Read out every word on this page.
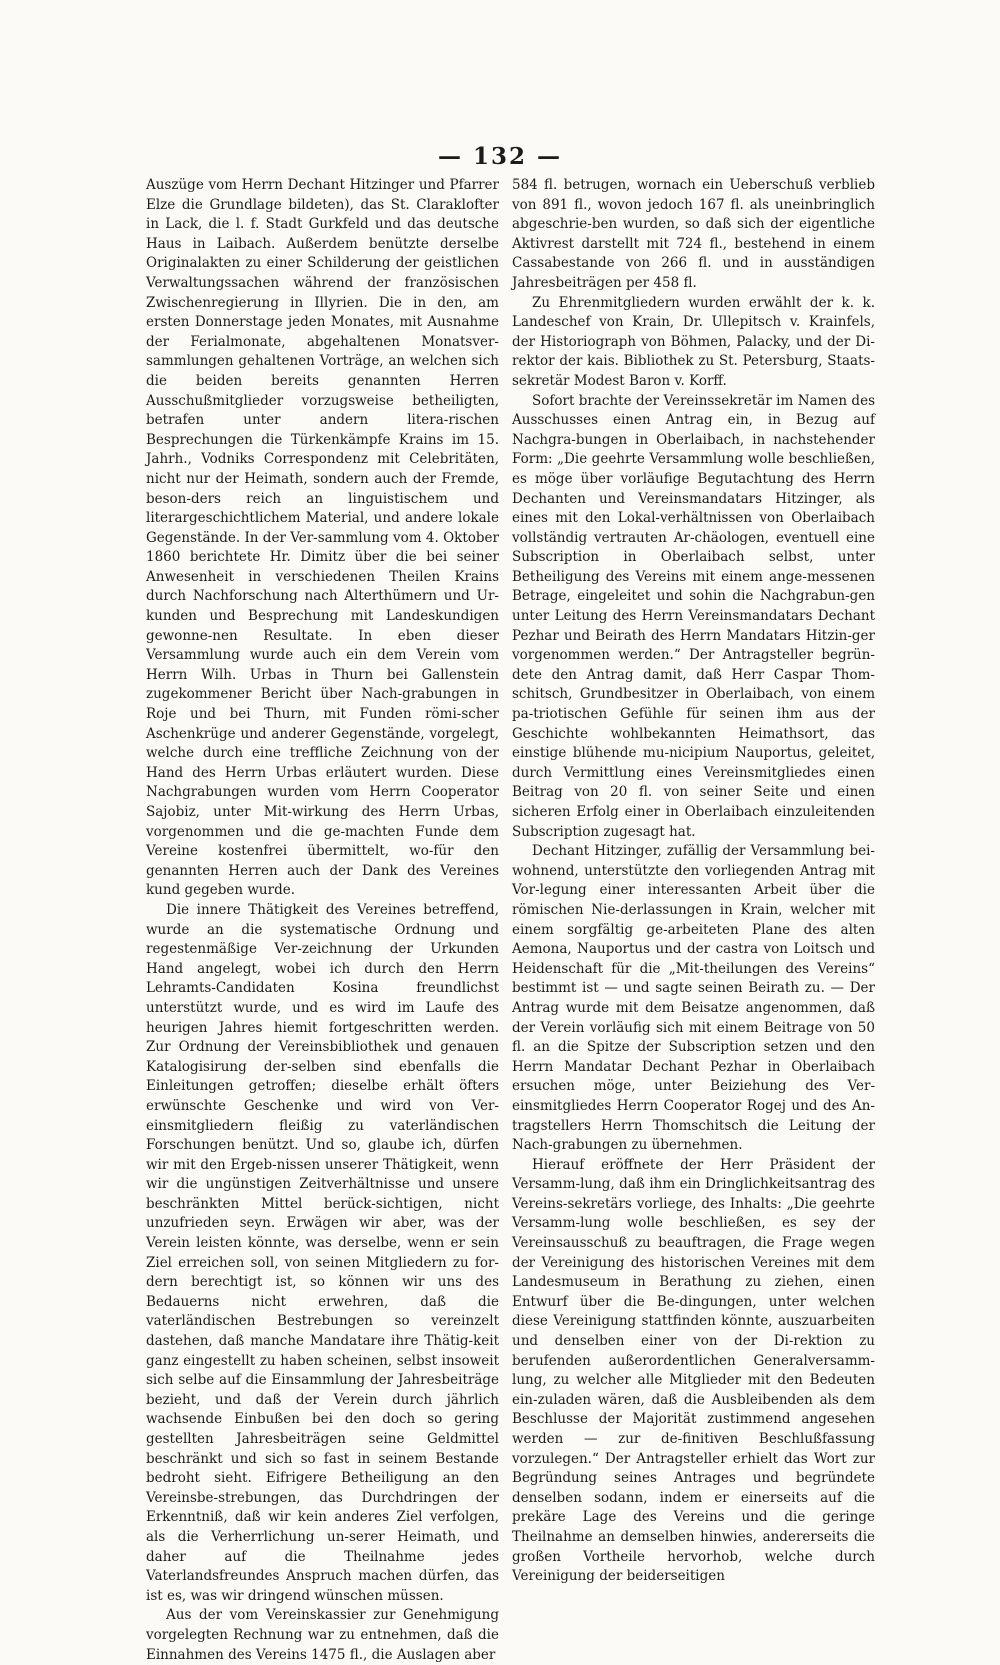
— 132 —

Auszüge vom Herrn Dechant Hitzinger und Pfarrer Elze die Grundlage bildeten), das St. Claraklofter in Lack, die l. f. Stadt Gurkfeld und das deutsche Haus in Laibach. Außerdem benützte derselbe Originalakten zu einer Schilderung der geistlichen Verwaltungssachen während der französischen Zwischenregierung in Illyrien. Die in den, am ersten Donnerstage jeden Monates, mit Ausnahme der Ferialmonate, abgehaltenen Monatsver-sammlungen gehaltenen Vorträge, an welchen sich die beiden bereits genannten Herren Ausschußmitglieder vorzugsweise betheiligten, betrafen unter andern litera-rischen Besprechungen die Türkenkämpfe Krains im 15. Jahrh., Vodniks Correspondenz mit Celebritäten, nicht nur der Heimath, sondern auch der Fremde, beson-ders reich an linguistischem und literargeschichtlichem Material, und andere lokale Gegenstände. In der Ver-sammlung vom 4. Oktober 1860 berichtete Hr. Dimitz über die bei seiner Anwesenheit in verschiedenen Theilen Krains durch Nachforschung nach Alterthümern und Ur-kunden und Besprechung mit Landeskundigen gewonne-nen Resultate. In eben dieser Versammlung wurde auch ein dem Verein vom Herrn Wilh. Urbas in Thurn bei Gallenstein zugekommener Bericht über Nach-grabungen in Roje und bei Thurn, mit Funden römi-scher Aschenkrüge und anderer Gegenstände, vorgelegt, welche durch eine treffliche Zeichnung von der Hand des Herrn Urbas erläutert wurden. Diese Nachgrabungen wurden vom Herrn Cooperator Sajobiz, unter Mit-wirkung des Herrn Urbas, vorgenommen und die ge-machten Funde dem Vereine kostenfrei übermittelt, wo-für den genannten Herren auch der Dank des Vereines kund gegeben wurde.

Die innere Thätigkeit des Vereines betreffend, wurde an die systematische Ordnung und regestenmäßige Ver-zeichnung der Urkunden Hand angelegt, wobei ich durch den Herrn Lehramts-Candidaten Kosina freundlichst unterstützt wurde, und es wird im Laufe des heurigen Jahres hiemit fortgeschritten werden. Zur Ordnung der Vereinsbibliothek und genauen Katalogisirung der-selben sind ebenfalls die Einleitungen getroffen; dieselbe erhält öfters erwünschte Geschenke und wird von Ver-einsmitgliedern fleißig zu vaterländischen Forschungen benützt. Und so, glaube ich, dürfen wir mit den Ergeb-nissen unserer Thätigkeit, wenn wir die ungünstigen Zeitverhältnisse und unsere beschränkten Mittel berück-sichtigen, nicht unzufrieden seyn. Erwägen wir aber, was der Verein leisten könnte, was derselbe, wenn er sein Ziel erreichen soll, von seinen Mitgliedern zu for-dern berechtigt ist, so können wir uns des Bedauerns nicht erwehren, daß die vaterländischen Bestrebungen so vereinzelt dastehen, daß manche Mandatare ihre Thätig-keit ganz eingestellt zu haben scheinen, selbst insoweit sich selbe auf die Einsammlung der Jahresbeiträge bezieht, und daß der Verein durch jährlich wachsende Einbußen bei den doch so gering gestellten Jahresbeiträgen seine Geldmittel beschränkt und sich so fast in seinem Bestande bedroht sieht. Eifrigere Betheiligung an den Vereinsbe-strebungen, das Durchdringen der Erkenntniß, daß wir kein anderes Ziel verfolgen, als die Verherrlichung un-serer Heimath, und daher auf die Theilnahme jedes Vaterlandsfreundes Anspruch machen dürfen, das ist es, was wir dringend wünschen müssen.

Aus der vom Vereinskassier zur Genehmigung vorgelegten Rechnung war zu entnehmen, daß die Einnahmen des Vereins 1475 fl., die Auslagen aber

584 fl. betrugen, wornach ein Ueberschuß verblieb von 891 fl., wovon jedoch 167 fl. als uneinbringlich abgeschrie-ben wurden, so daß sich der eigentliche Aktivrest darstellt mit 724 fl., bestehend in einem Cassabestande von 266 fl. und in ausständigen Jahresbeiträgen per 458 fl.

Zu Ehrenmitgliedern wurden erwählt der k. k. Landeschef von Krain, Dr. Ullepitsch v. Krainfels, der Historiograph von Böhmen, Palacky, und der Di-rektor der kais. Bibliothek zu St. Petersburg, Staats-sekretär Modest Baron v. Korff.

Sofort brachte der Vereinssekretär im Namen des Ausschusses einen Antrag ein, in Bezug auf Nachgra-bungen in Oberlaibach, in nachstehender Form: „Die geehrte Versammlung wolle beschließen, es möge über vorläufige Begutachtung des Herrn Dechanten und Vereinsmandatars Hitzinger, als eines mit den Lokal-verhältnissen von Oberlaibach vollständig vertrauten Ar-chäologen, eventuell eine Subscription in Oberlaibach selbst, unter Betheiligung des Vereins mit einem ange-messenen Betrage, eingeleitet und sohin die Nachgrabun-gen unter Leitung des Herrn Vereinsmandatars Dechant Pezhar und Beirath des Herrn Mandatars Hitzin-ger vorgenommen werden.“ Der Antragsteller begrün-dete den Antrag damit, daß Herr Caspar Thom-schitsch, Grundbesitzer in Oberlaibach, von einem pa-triotischen Gefühle für seinen ihm aus der Geschichte wohlbekannten Heimathsort, das einstige blühende mu-nicipium Nauportus, geleitet, durch Vermittlung eines Vereinsmitgliedes einen Beitrag von 20 fl. von seiner Seite und einen sicheren Erfolg einer in Oberlaibach einzuleitenden Subscription zugesagt hat.

Dechant Hitzinger, zufällig der Versammlung bei-wohnend, unterstützte den vorliegenden Antrag mit Vor-legung einer interessanten Arbeit über die römischen Nie-derlassungen in Krain, welcher mit einem sorgfältig ge-arbeiteten Plane des alten Aemona, Nauportus und der castra von Loitsch und Heidenschaft für die „Mit-theilungen des Vereins“ bestimmt ist — und sagte seinen Beirath zu. — Der Antrag wurde mit dem Beisatze angenommen, daß der Verein vorläufig sich mit einem Beitrage von 50 fl. an die Spitze der Subscription setzen und den Herrn Mandatar Dechant Pezhar in Oberlaibach ersuchen möge, unter Beiziehung des Ver-einsmitgliedes Herrn Cooperator Rogej und des An-tragstellers Herrn Thomschitsch die Leitung der Nach-grabungen zu übernehmen.

Hierauf eröffnete der Herr Präsident der Versamm-lung, daß ihm ein Dringlichkeitsantrag des Vereins-sekretärs vorliege, des Inhalts: „Die geehrte Versamm-lung wolle beschließen, es sey der Vereinsausschuß zu beauftragen, die Frage wegen der Vereinigung des historischen Vereines mit dem Landesmuseum in Berathung zu ziehen, einen Entwurf über die Be-dingungen, unter welchen diese Vereinigung stattfinden könnte, auszuarbeiten und denselben einer von der Di-rektion zu berufenden außerordentlichen Generalversamm-lung, zu welcher alle Mitglieder mit den Bedeuten ein-zuladen wären, daß die Ausbleibenden als dem Beschlusse der Majorität zustimmend angesehen werden — zur de-finitiven Beschlußfassung vorzulegen.“ Der Antragsteller erhielt das Wort zur Begründung seines Antrages und begründete denselben sodann, indem er einerseits auf die prekäre Lage des Vereins und die geringe Theilnahme an demselben hinwies, andererseits die großen Vortheile hervorhob, welche durch Vereinigung der beiderseitigen
